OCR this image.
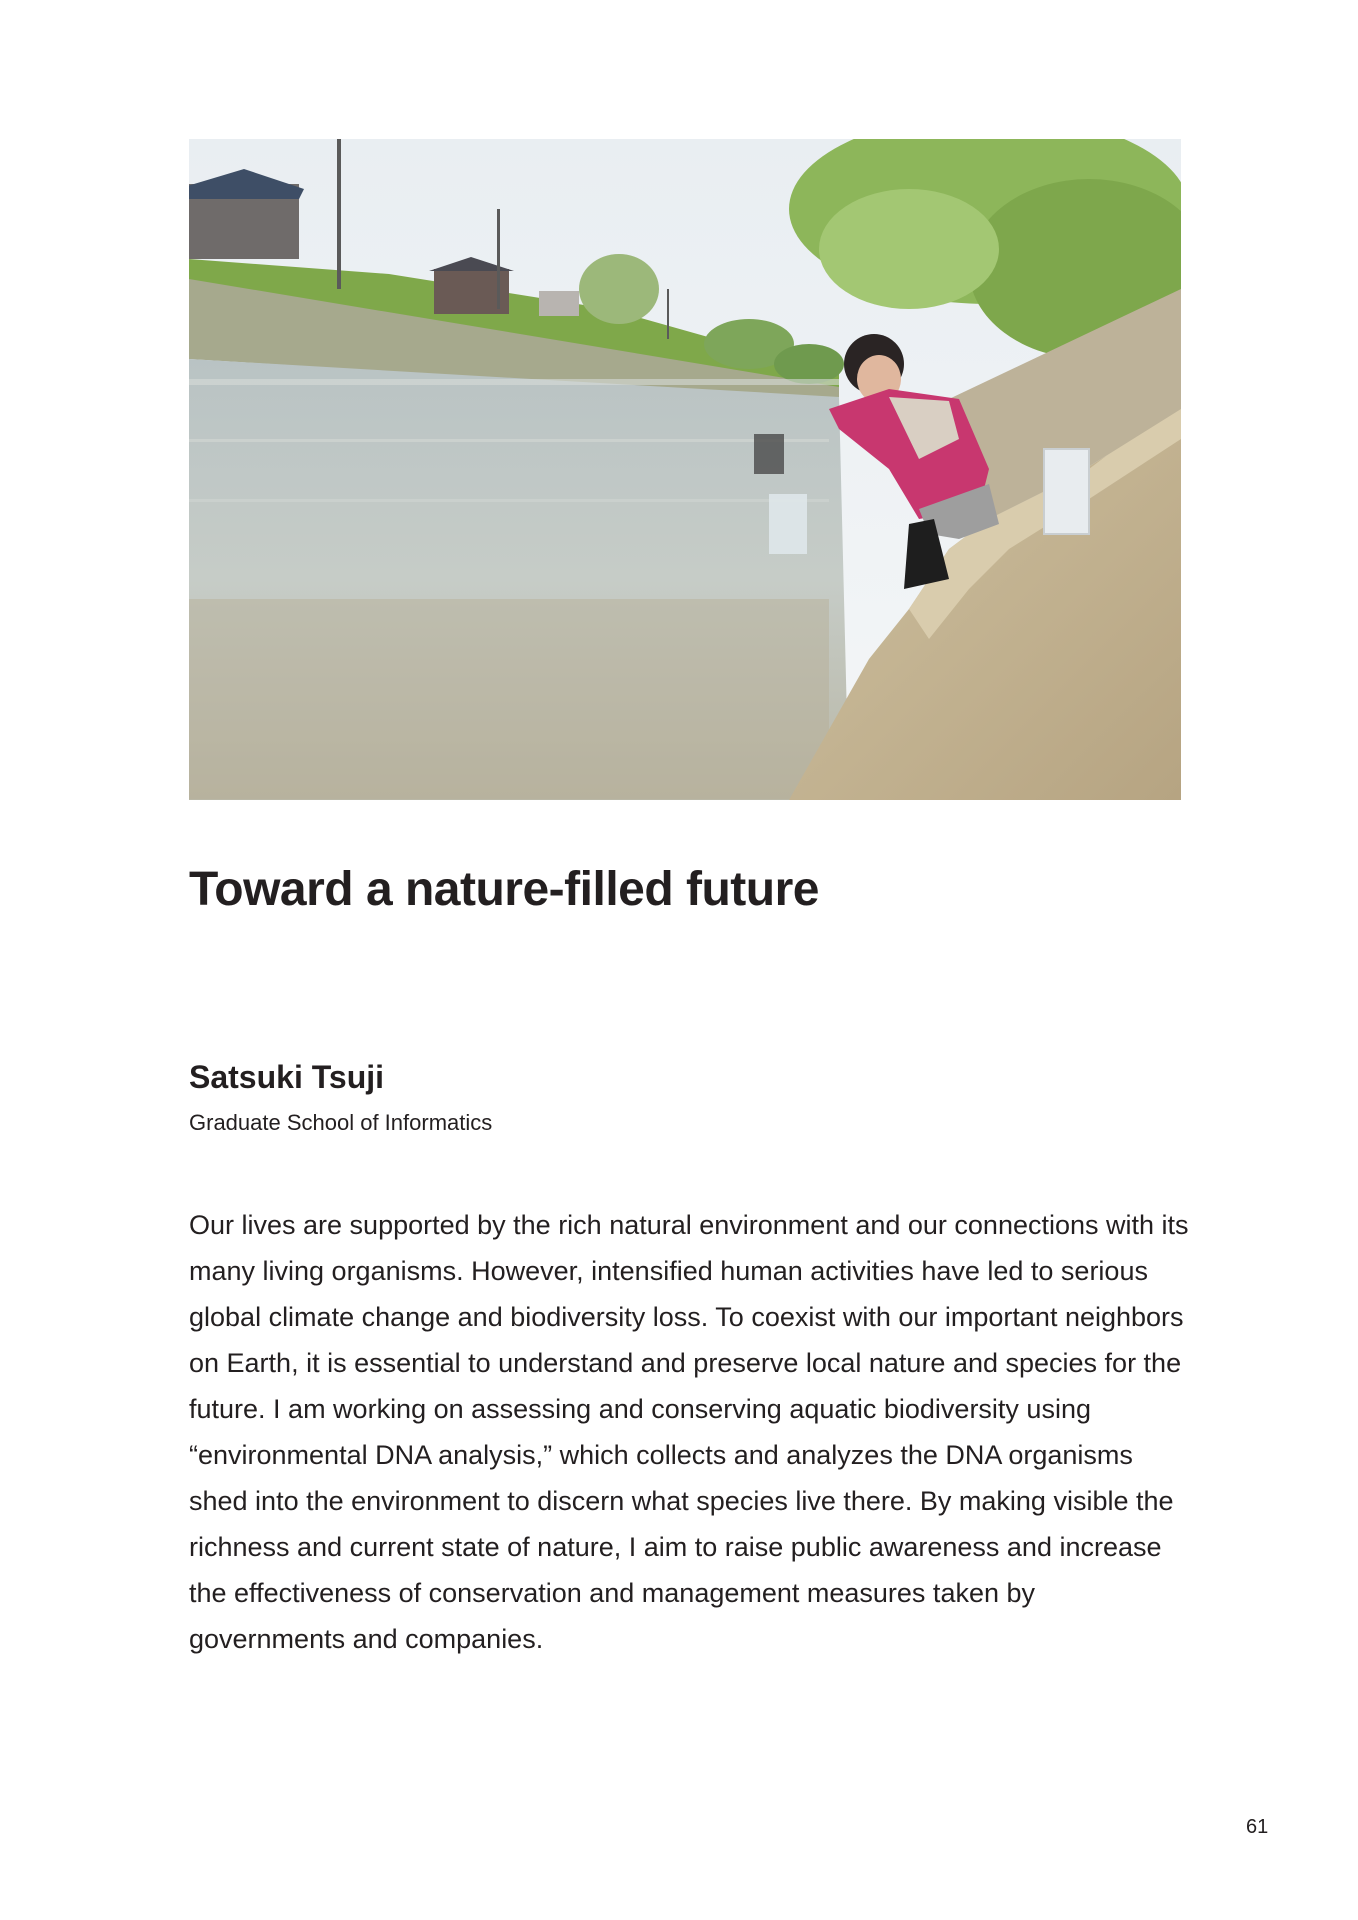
Toward a nature-filled future
Satsuki Tsuji

Graduate School of Informatics

Our lives are supported by the rich natural environment and our connections with its many living organisms. However, intensified human activities have led to serious global climate change and biodiversity loss. To coexist with our important neighbors on Earth, it is essential to understand and preserve local nature and species for the future. I am working on assessing and conserving aquatic biodiversity using “environmental DNA analysis,” which collects and analyzes the DNA organisms shed into the environment to discern what species live there. By making visible the richness and current state of nature, I aim to raise public awareness and increase the effectiveness of conservation and management measures taken by governments and companies.

61
